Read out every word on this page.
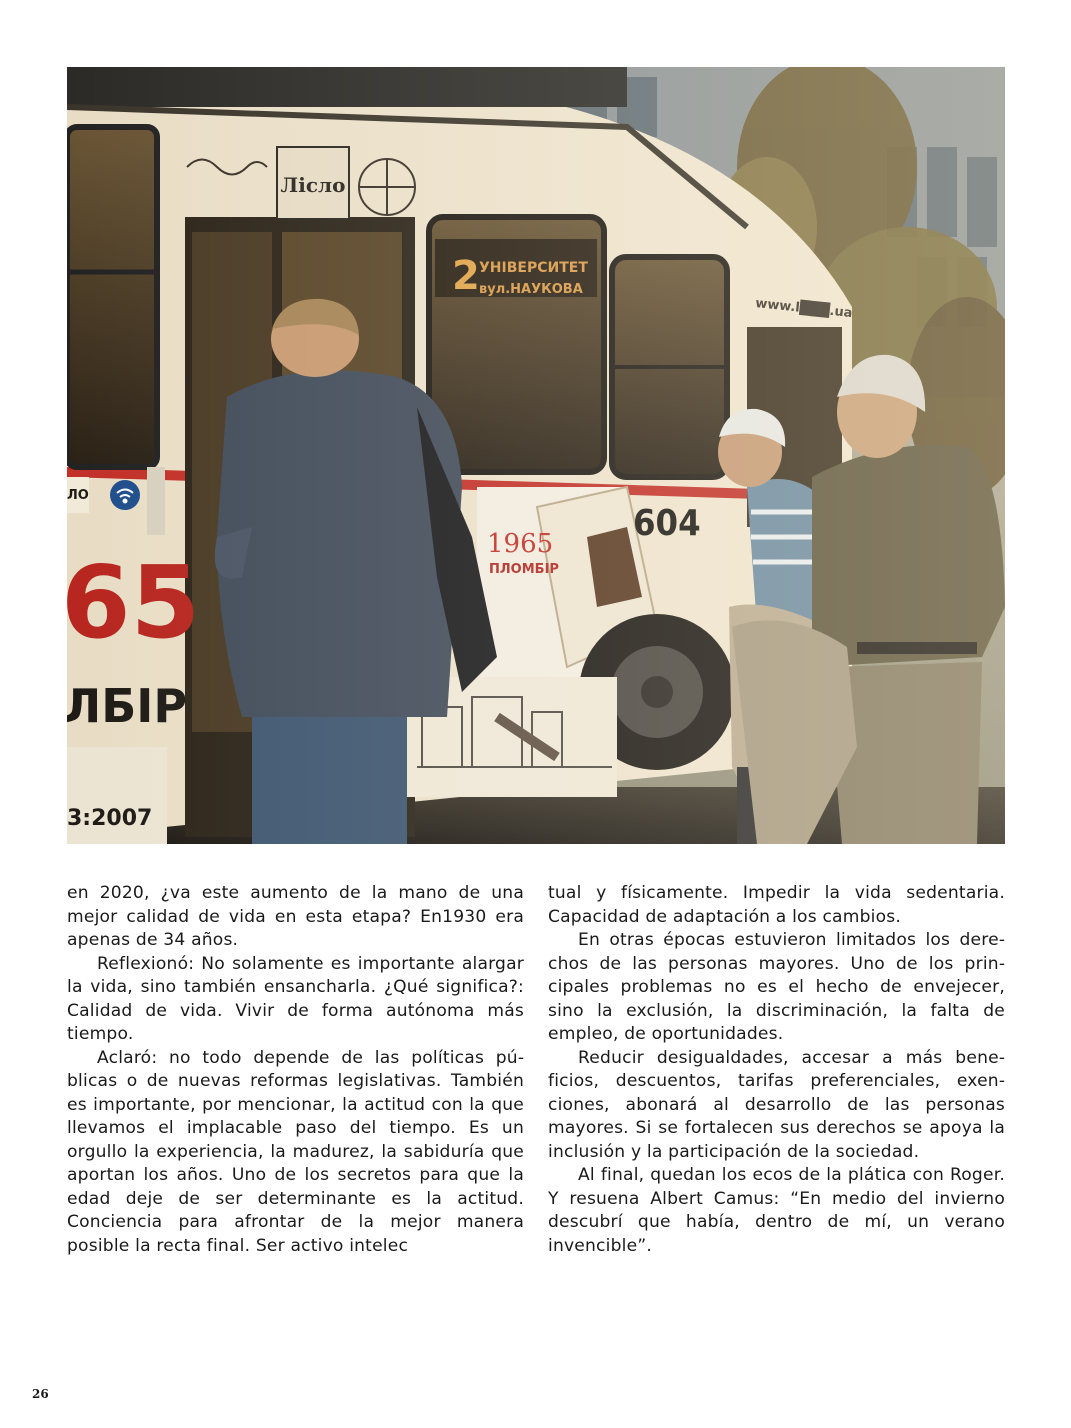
en 2020, ¿va este aumento de la mano de una mejor calidad de vida en esta etapa? En1930 era apenas de 34 años.

Reflexionó: No solamente es importante alargar la vida, sino también ensancharla. ¿Qué significa?: Calidad de vida. Vivir de forma autónoma más tiempo.

Aclaró: no todo depende de las políticas públicas o de nuevas reformas legislativas. También es importante, por mencionar, la actitud con la que llevamos el implacable paso del tiempo. Es un orgullo la experiencia, la madurez, la sabiduría que aportan los años. Uno de los secretos para que la edad deje de ser determinante es la actitud. Conciencia para afrontar de la mejor manera posible la recta final. Ser activo intelec

tual y físicamente. Impedir la vida sedentaria. Capacidad de adaptación a los cambios.

En otras épocas estuvieron limitados los derechos de las personas mayores. Uno de los principales problemas no es el hecho de envejecer, sino la exclusión, la discriminación, la falta de empleo, de oportunidades.

Reducir desigualdades, accesar a más beneficios, descuentos, tarifas preferenciales, exenciones, abonará al desarrollo de las personas mayores. Si se fortalecen sus derechos se apoya la inclusión y la participación de la sociedad.

Al final, quedan los ecos de la plática con Roger. Y resuena Albert Camus: “En medio del invierno descubrí que había, dentro de mí, un verano invencible”.

26
